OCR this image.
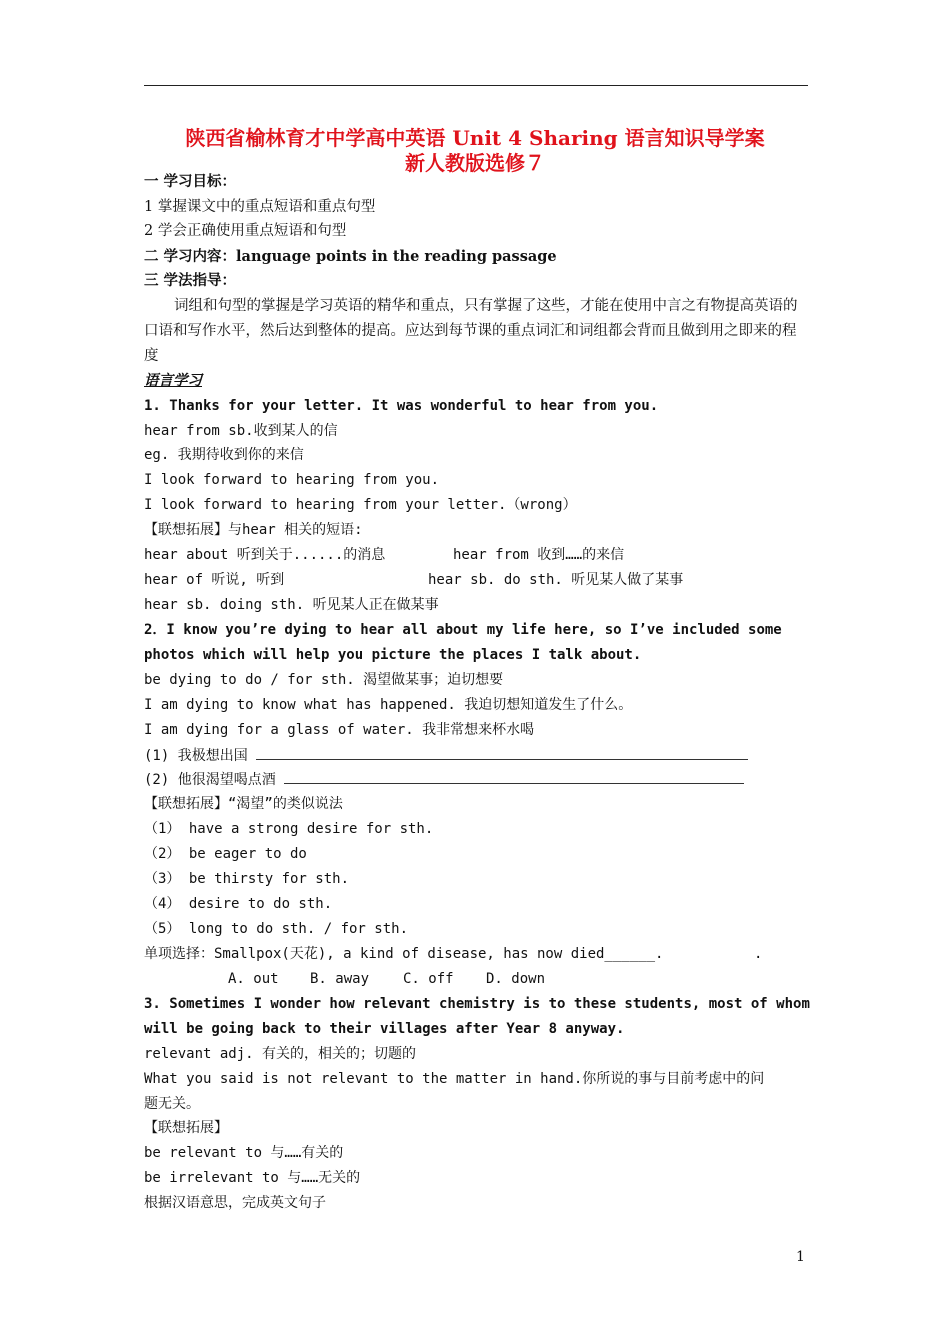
陕西省榆林育才中学高中英语 Unit 4 Sharing 语言知识导学案
新人教版选修７
一 学习目标：
1 掌握课文中的重点短语和重点句型
2 学会正确使用重点短语和句型
二 学习内容：language points in the reading passage
三 学法指导：
词组和句型的掌握是学习英语的精华和重点，只有掌握了这些，才能在使用中言之有物提高英语的口语和写作水平，然后达到整体的提高。应达到每节课的重点词汇和词组都会背而且做到用之即来的程度
语言学习
1. Thanks for your letter. It was wonderful to hear from you.
hear from sb.收到某人的信
eg. 我期待收到你的来信
I look forward to hearing from you.
I look forward to hearing from your letter.（wrong）
【联想拓展】与hear 相关的短语:
hear about 听到关于......的消息	hear from 收到……的来信
hear of 听说, 听到	hear sb. do sth. 听见某人做了某事
hear sb. doing sth. 听见某人正在做某事
2．I know you’re dying to hear all about my life here, so I’ve included some
photos which will help you picture the places I talk about.
be dying to do / for sth. 渴望做某事；迫切想要
I am dying to know what has happened. 我迫切想知道发生了什么。
I am dying for a glass of water. 我非常想来杯水喝
(1) 我极想出国
(2) 他很渴望喝点酒
【联想拓展】“渴望”的类似说法
（1） have a strong desire for sth.
（2） be eager to do
（3） be thirsty for sth.
（4） desire to do sth.
（5） long to do sth. / for sth.
单项选择：Smallpox(天花), a kind of disease, has now died______.	.
A. out B. away C. off D. down
3. Sometimes I wonder how relevant chemistry is to these students, most of whom
will be going back to their villages after Year 8 anyway.
relevant adj. 有关的，相关的；切题的
What you said is not relevant to the matter in hand.你所说的事与目前考虑中的问
题无关。
【联想拓展】
be relevant to 与……有关的
be irrelevant to 与……无关的
根据汉语意思，完成英文句子
1
